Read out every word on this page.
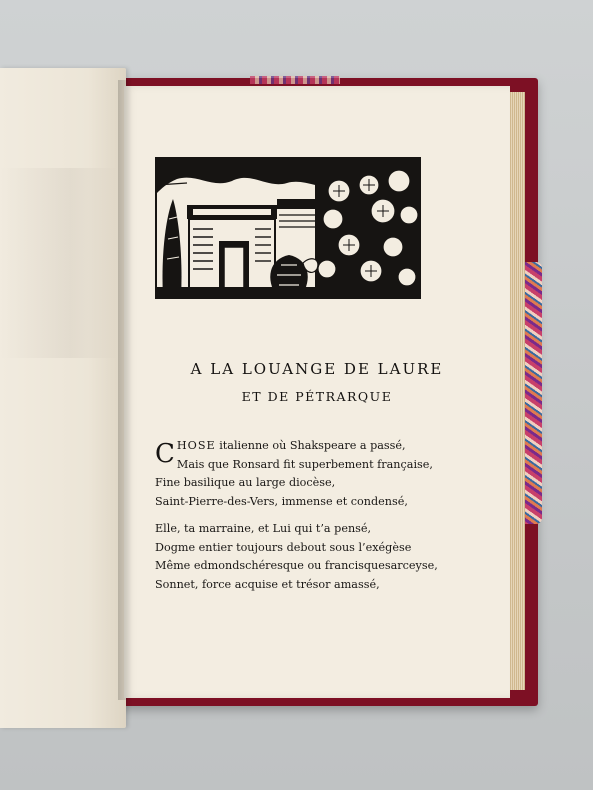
A LA LOUANGE DE LAURE
ET DE PÉTRARQUE
C HOSE italienne où Shakspeare a passé,
Mais que Ronsard fit superbement française,
Fine basilique au large diocèse,
Saint-Pierre-des-Vers, immense et condensé,
Elle, ta marraine, et Lui qui t’a pensé,
Dogme entier toujours debout sous l’exégèse
Même edmondschéresque ou francisquesarceyse,
Sonnet, force acquise et trésor amassé,
